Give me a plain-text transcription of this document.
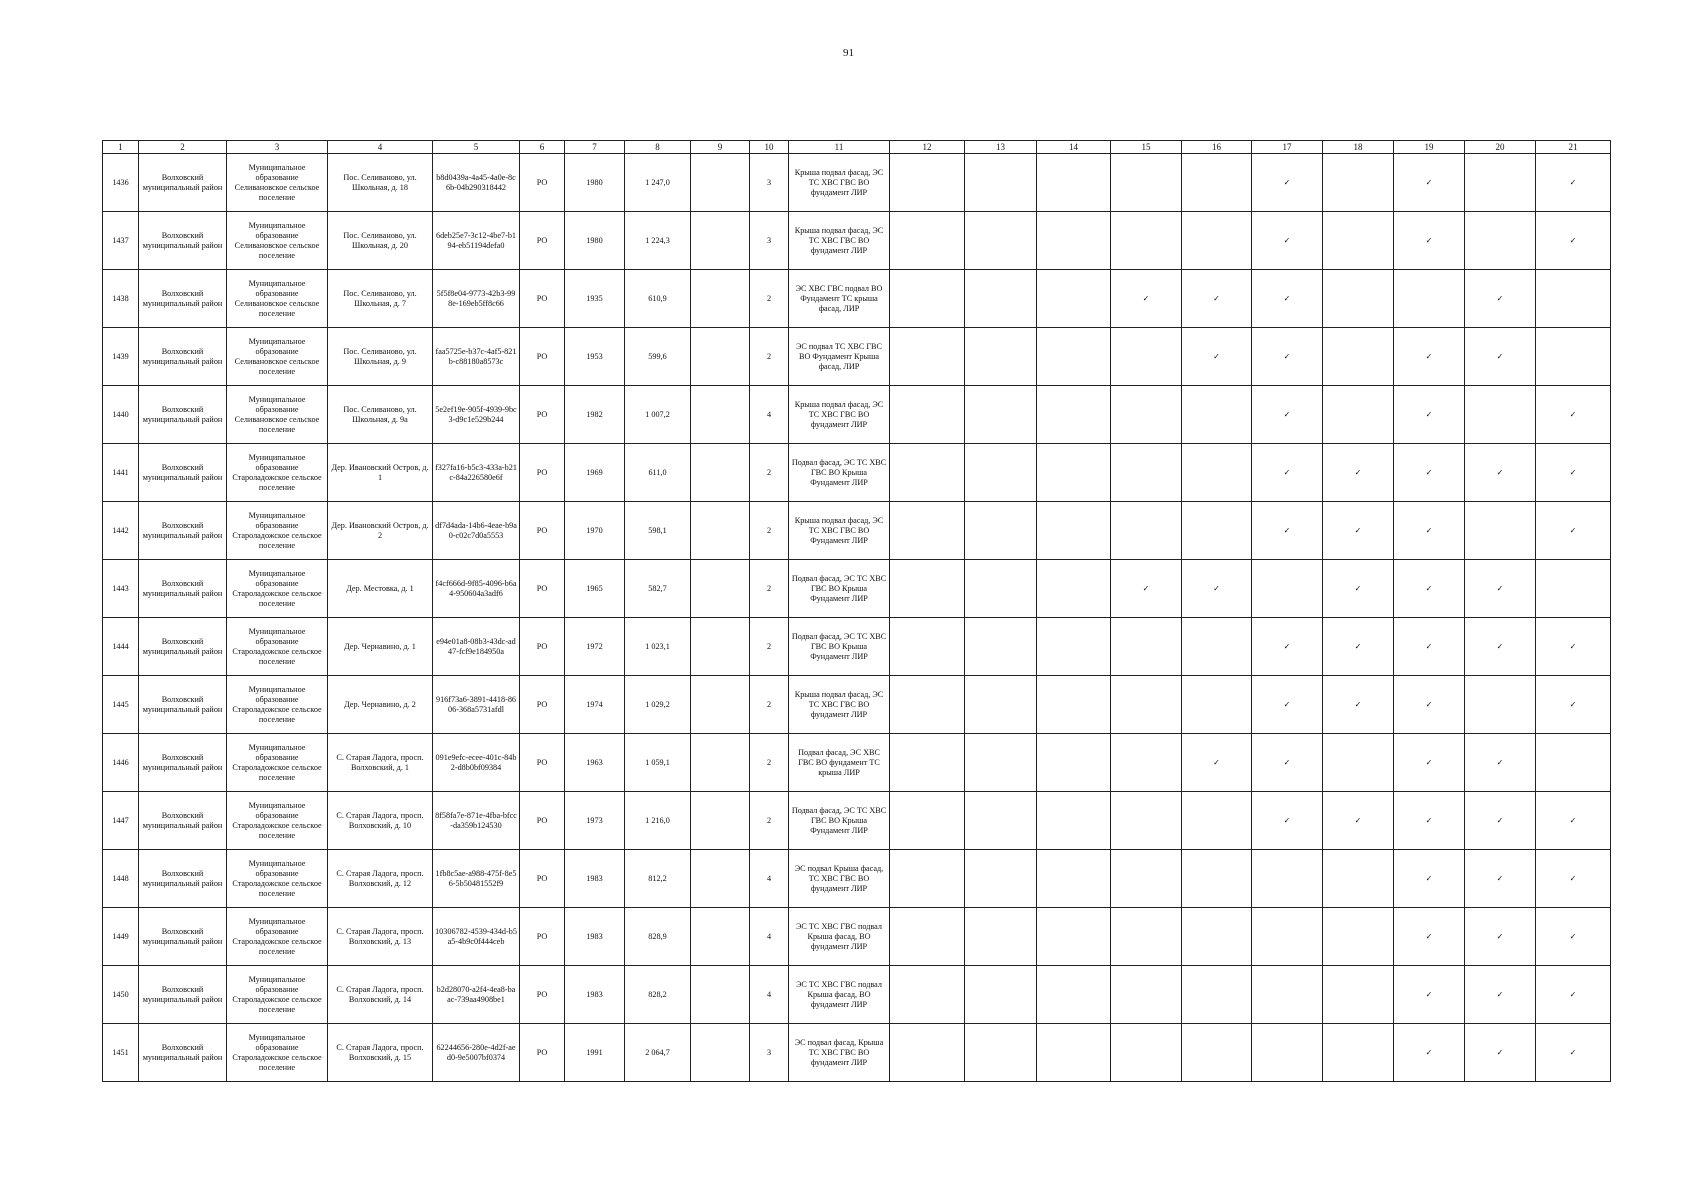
91
1	2	3	4	5	6	7	8	9	10	11	12	13	14	15	16	17	18	19	20	21
1436	Волховский муниципальный район	Муниципальное образование Селивановское сельское поселение	Пос. Селиваново, ул. Школьная, д. 18	b8d0439a-4a45-4a0e-8c6b-04b290318442	РО	1980	1 247,0		3	Крыша подвал фасад, ЭС ТС ХВС ГВС ВО фундамент ЛИР						✓		✓		✓
1437	Волховский муниципальный район	Муниципальное образование Селивановское сельское поселение	Пос. Селиваново, ул. Школьная, д. 20	6deb25e7-3c12-4be7-b194-eb51194defa0	РО	1980	1 224,3		3	Крыша подвал фасад, ЭС ТС ХВС ГВС ВО фундамент ЛИР						✓		✓		✓
1438	Волховский муниципальный район	Муниципальное образование Селивановское сельское поселение	Пос. Селиваново, ул. Школьная, д. 7	5f5f8e04-9773-42b3-998e-169eb5ff8c66	РО	1935	610,9		2	ЭС ХВС ГВС подвал ВО Фундамент ТС крыша фасад, ЛИР				✓	✓	✓			✓	
1439	Волховский муниципальный район	Муниципальное образование Селивановское сельское поселение	Пос. Селиваново, ул. Школьная, д. 9	faa5725e-b37c-4af5-821b-c88180a8573c	РО	1953	599,6		2	ЭС подвал ТС ХВС ГВС ВО Фундамент Крыша фасад, ЛИР					✓	✓		✓	✓	
1440	Волховский муниципальный район	Муниципальное образование Селивановское сельское поселение	Пос. Селиваново, ул. Школьная, д. 9а	5e2ef19e-905f-4939-9bc3-d9c1e529b244	РО	1982	1 007,2		4	Крыша подвал фасад, ЭС ТС ХВС ГВС ВО фундамент ЛИР						✓		✓		✓
1441	Волховский муниципальный район	Муниципальное образование Староладожское сельское поселение	Дер. Ивановский Остров, д. 1	f327fa16-b5c3-433a-b21c-84a226580e6f	РО	1969	611,0		2	Подвал фасад, ЭС ТС ХВС ГВС ВО Крыша Фундамент ЛИР						✓	✓	✓	✓	✓
1442	Волховский муниципальный район	Муниципальное образование Староладожское сельское поселение	Дер. Ивановский Остров, д. 2	df7d4ada-14b6-4eae-b9a0-c02c7d0a5553	РО	1970	598,1		2	Крыша подвал фасад, ЭС ТС ХВС ГВС ВО Фундамент ЛИР						✓	✓	✓		✓
1443	Волховский муниципальный район	Муниципальное образование Староладожское сельское поселение	Дер. Местовка, д. 1	f4cf666d-9f85-4096-b6a4-950604a3adf6	РО	1965	582,7		2	Подвал фасад, ЭС ТС ХВС ГВС ВО Крыша Фундамент ЛИР				✓	✓		✓	✓	✓	
1444	Волховский муниципальный район	Муниципальное образование Староладожское сельское поселение	Дер. Чернавино, д. 1	e94e01a8-08b3-43dc-ad47-fcf9e184950a	РО	1972	1 023,1		2	Подвал фасад, ЭС ТС ХВС ГВС ВО Крыша Фундамент ЛИР						✓	✓	✓	✓	✓
1445	Волховский муниципальный район	Муниципальное образование Староладожское сельское поселение	Дер. Чернавино, д. 2	916f73a6-3891-4418-8606-368a5731afdl	РО	1974	1 029,2		2	Крыша подвал фасад, ЭС ТС ХВС ГВС ВО фундамент ЛИР						✓	✓	✓		✓
1446	Волховский муниципальный район	Муниципальное образование Староладожское сельское поселение	С. Старая Ладога, просп. Волховский, д. 1	091e9efc-ecee-401c-84b2-d8b0bf09384	РО	1963	1 059,1		2	Подвал фасад, ЭС ХВС ГВС ВО фундамент ТС крыша ЛИР					✓	✓		✓	✓	
1447	Волховский муниципальный район	Муниципальное образование Староладожское сельское поселение	С. Старая Ладога, просп. Волховский, д. 10	8f58fa7e-871e-4fba-bfcc-da359b124530	РО	1973	1 216,0		2	Подвал фасад, ЭС ТС ХВС ГВС ВО Крыша Фундамент ЛИР						✓	✓	✓	✓	✓
1448	Волховский муниципальный район	Муниципальное образование Староладожское сельское поселение	С. Старая Ладога, просп. Волховский, д. 12	1fb8c5ae-a988-475f-8e56-5b50481552f9	РО	1983	812,2		4	ЭС подвал Крыша фасад, ТС ХВС ГВС ВО фундамент ЛИР								✓	✓	✓
1449	Волховский муниципальный район	Муниципальное образование Староладожское сельское поселение	С. Старая Ладога, просп. Волховский, д. 13	10306782-4539-434d-b5a5-4b9c0f444ceb	РО	1983	828,9		4	ЭС ТС ХВС ГВС подвал Крыша фасад, ВО фундамент ЛИР								✓	✓	✓
1450	Волховский муниципальный район	Муниципальное образование Староладожское сельское поселение	С. Старая Ладога, просп. Волховский, д. 14	b2d28070-a2f4-4ea8-baac-739aa4908be1	РО	1983	828,2		4	ЭС ТС ХВС ГВС подвал Крыша фасад, ВО фундамент ЛИР								✓	✓	✓
1451	Волховский муниципальный район	Муниципальное образование Староладожское сельское поселение	С. Старая Ладога, просп. Волховский, д. 15	62244656-280e-4d2f-aed0-9e5007bf0374	РО	1991	2 064,7		3	ЭС подвал фасад, Крыша ТС ХВС ГВС ВО фундамент ЛИР								✓	✓	✓
